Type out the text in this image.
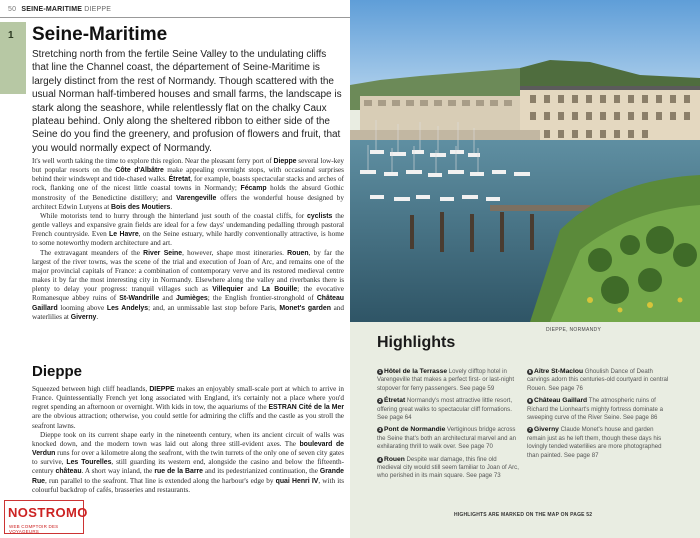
50 SEINE-MARITIME DIEPPE
1 Seine-Maritime
Stretching north from the fertile Seine Valley to the undulating cliffs that line the Channel coast, the département of Seine-Maritime is largely distinct from the rest of Normandy. Though scattered with the usual Norman half-timbered houses and small farms, the landscape is stark along the seashore, while relentlessly flat on the chalky Caux plateau behind. Only along the sheltered ribbon to either side of the Seine do you find the greenery, and profusion of flowers and fruit, that you would normally expect of Normandy.

It's well worth taking the time to explore this region. Near the pleasant ferry port of Dieppe several low-key but popular resorts on the Côte d'Albâtre make appealing overnight stops, with occasional surprises behind their windswept and tide-chased walks. Étretat, for example, boasts spectacular stacks and arches of rock, flanking one of the nicest little coastal towns in Normandy; Fécamp holds the absurd Gothic monstrosity of the Benedictine distillery; and Varengeville offers the wonderful house designed by architect Edwin Lutyens at Bois des Moutiers.

While motorists tend to hurry through the hinterland just south of the coastal cliffs, for cyclists the gentle valleys and expansive grain fields are ideal for a few days' undemanding pedalling through pastoral French countryside. Even Le Havre, on the Seine estuary, while hardly conventionally attractive, is home to some noteworthy modern architecture and art.

The extravagant meanders of the River Seine, however, shape most itineraries. Rouen, by far the largest of the river towns, was the scene of the trial and execution of Joan of Arc, and remains one of the major provincial capitals of France: a combination of contemporary verve and its restored medieval centre makes it by far the most interesting city in Normandy. Elsewhere along the valley and riverbanks there is plenty to delay your progress: tranquil villages such as Villequier and La Bouille; the evocative Romanesque abbey ruins of St-Wandrille and Jumièges; the English frontier-stronghold of Château Gaillard looming above Les Andelys; and, an unmissable last stop before Paris, Monet's garden and waterlilies at Giverny.

Dieppe

Squeezed between high cliff headlands, DIEPPE makes an enjoyably small-scale port at which to arrive in France. Quintessentially French yet long associated with England, it's certainly not a place where you'd regret spending an afternoon or overnight. With kids in tow, the aquariums of the ESTRAN Cité de la Mer are the obvious attraction; otherwise, you could settle for admiring the cliffs and the castle as you stroll the seafront lawns.

Dieppe took on its current shape early in the nineteenth century, when its ancient circuit of walls was knocked down, and the modern town was laid out along three still-evident axes. The boulevard de Verdun runs for over a kilometre along the seafront, with the twin turrets of the only one of seven city gates to survive, Les Tourelles, still guarding its western end, alongside the casino and below the fifteenth-century château. A short way inland, the rue de la Barre and its pedestrianized continuation, the Grande Rue, run parallel to the seafront. That line is extended along the harbour's edge by quai Henri IV, with its colourful backdrop of cafés, brasseries and restaurants.

NOSTROMO
WEB COMPTOIR DES VOYAGEURS
DIEPPE, NORMANDY
Highlights
1 Hôtel de la Terrasse Lovely clifftop hotel in Varengeville that makes a perfect first- or last-night stopover for ferry passengers. See page 59
2 Étretat Normandy's most attractive little resort, offering great walks to spectacular cliff formations. See page 64
3 Pont de Normandie Vertiginous bridge across the Seine that's both an architectural marvel and an exhilarating thrill to walk over. See page 70
4 Rouen Despite war damage, this fine old medieval city would still seem familiar to Joan of Arc, who perished in its main square. See page 73
5 Aître St-Maclou Ghoulish Dance of Death carvings adorn this centuries-old courtyard in central Rouen. See page 76
6 Château Gaillard The atmospheric ruins of Richard the Lionheart's mighty fortress dominate a sweeping curve of the River Seine. See page 86
7 Giverny Claude Monet's house and garden remain just as he left them, though these days his lovingly tended waterlilies are more photographed than painted. See page 87
HIGHLIGHTS ARE MARKED ON THE MAP ON PAGE 52
